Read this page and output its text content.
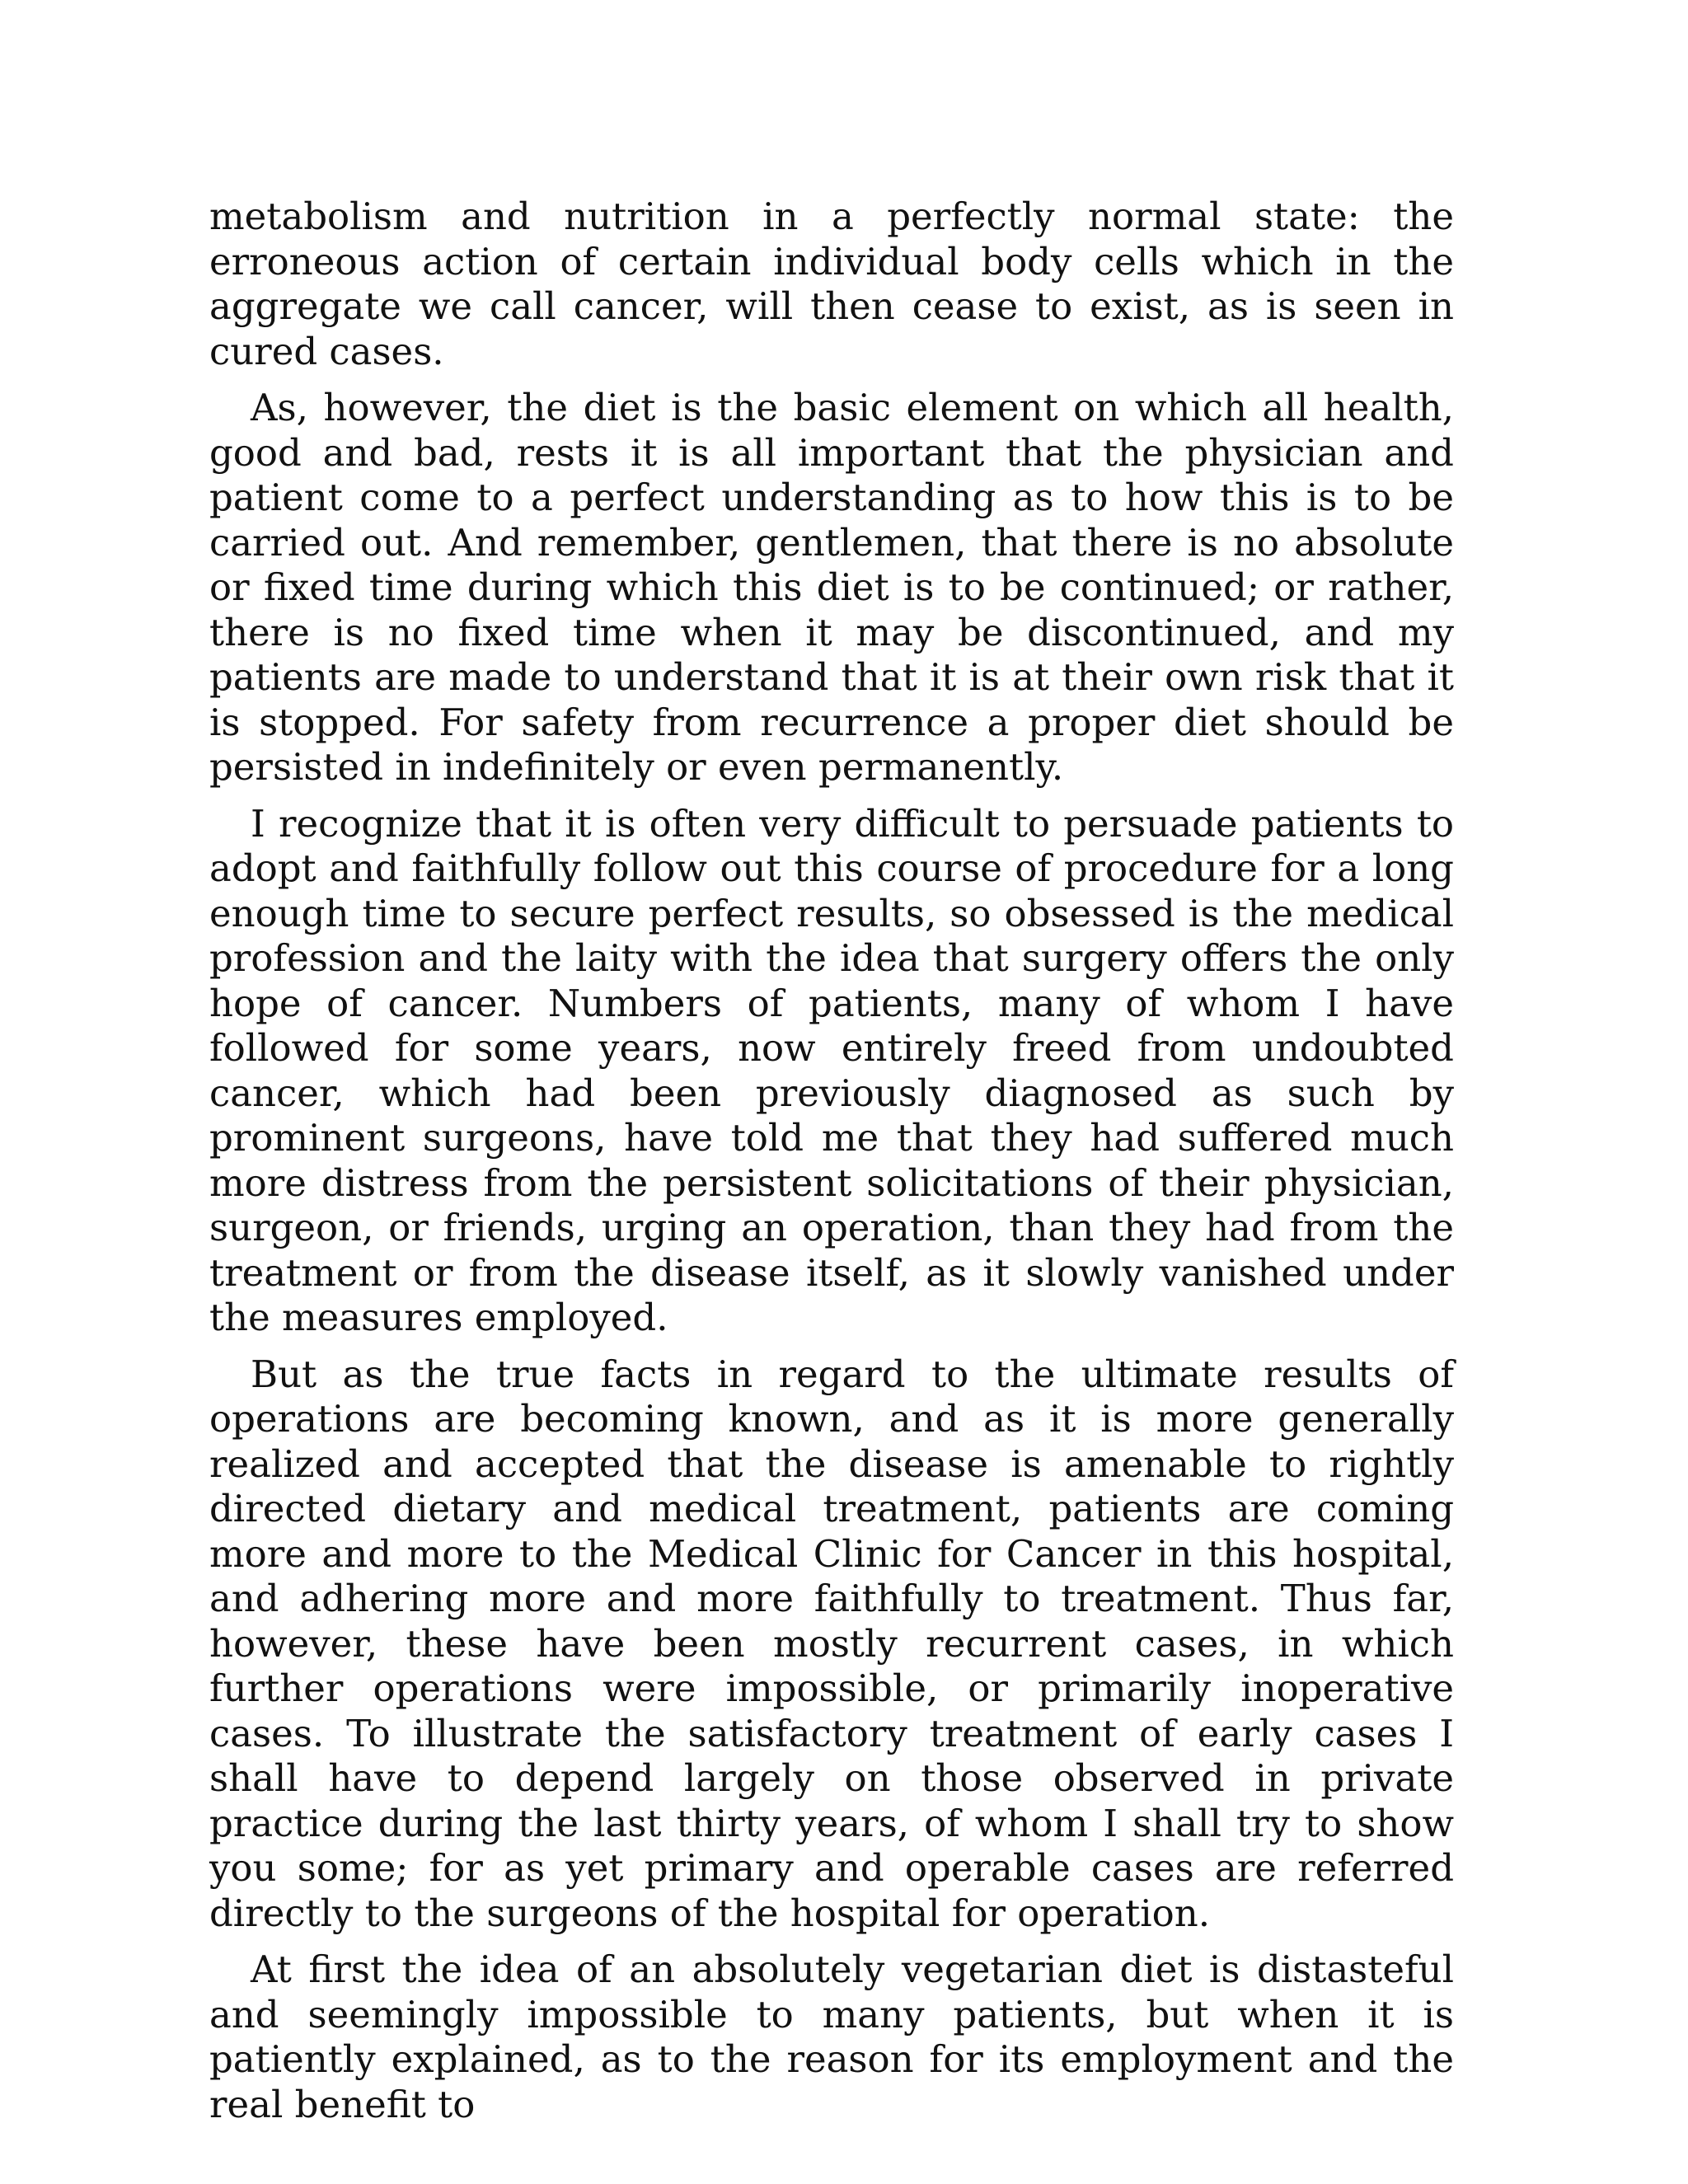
metabolism and nutrition in a perfectly normal state: the erroneous action of certain individual body cells which in the aggregate we call cancer, will then cease to exist, as is seen in cured cases.

As, however, the diet is the basic element on which all health, good and bad, rests it is all important that the physician and patient come to a perfect understanding as to how this is to be carried out. And remember, gentlemen, that there is no absolute or fixed time during which this diet is to be continued; or rather, there is no fixed time when it may be discontinued, and my patients are made to understand that it is at their own risk that it is stopped. For safety from recurrence a proper diet should be persisted in indefinitely or even permanently.

I recognize that it is often very difficult to persuade patients to adopt and faithfully follow out this course of procedure for a long enough time to secure perfect results, so obsessed is the medical profession and the laity with the idea that surgery offers the only hope of cancer. Numbers of patients, many of whom I have followed for some years, now entirely freed from undoubted cancer, which had been previously diagnosed as such by prominent surgeons, have told me that they had suffered much more distress from the persistent solicitations of their physician, surgeon, or friends, urging an operation, than they had from the treatment or from the disease itself, as it slowly vanished under the measures employed.

But as the true facts in regard to the ultimate results of operations are becoming known, and as it is more generally realized and accepted that the disease is amenable to rightly directed dietary and medical treatment, patients are coming more and more to the Medical Clinic for Cancer in this hospital, and adhering more and more faithfully to treatment. Thus far, however, these have been mostly recurrent cases, in which further operations were impossible, or primarily inoperative cases. To illustrate the satisfactory treatment of early cases I shall have to depend largely on those observed in private practice during the last thirty years, of whom I shall try to show you some; for as yet primary and operable cases are referred directly to the surgeons of the hospital for operation.

At first the idea of an absolutely vegetarian diet is distasteful and seemingly impossible to many patients, but when it is patiently explained, as to the reason for its employment and the real benefit to
